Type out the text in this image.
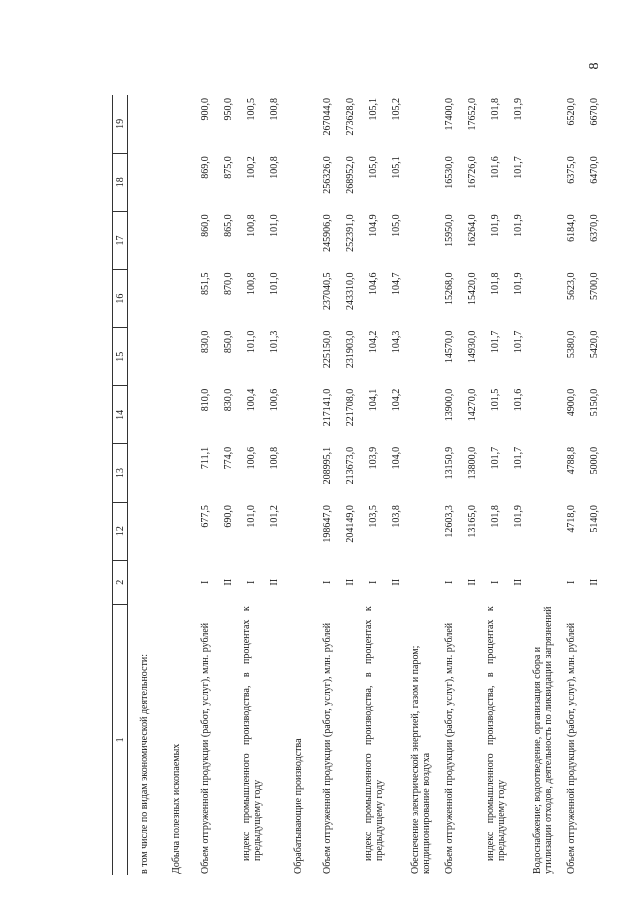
8
1	2	12	13	14	15	16	17	18	19
в том числе по видам экономической деятельности:									
Добыча полезных ископаемых									
Объем отгруженной продукции (работ, услуг), млн. рублей	I	677,5	711,1	810,0	830,0	851,5	860,0	869,0	900,0
	II	690,0	774,0	830,0	850,0	870,0	865,0	875,0	950,0
индекс промышленного производства, в процентах к предыдущему году	I	101,0	100,6	100,4	101,0	100,8	100,8	100,2	100,5
	II	101,2	100,8	100,6	101,3	101,0	101,0	100,8	100,8
Обрабатывающие производства									
Объем отгруженной продукции (работ, услуг), млн. рублей	I	198647,0	208995,1	217141,0	225150,0	237040,5	245906,0	256326,0	267044,0
	II	204149,0	213673,0	221708,0	231903,0	243310,0	252391,0	268952,0	273628,0
индекс промышленного производства, в процентах к предыдущему году	I	103,5	103,9	104,1	104,2	104,6	104,9	105,0	105,1
	II	103,8	104,0	104,2	104,3	104,7	105,0	105,1	105,2
Обеспечение электрической энергией, газом и паром; кондиционирование воздуха									
Объем отгруженной продукции (работ, услуг), млн. рублей	I	12603,3	13150,9	13900,0	14570,0	15268,0	15950,0	16530,0	17400,0
	II	13165,0	13800,0	14270,0	14930,0	15420,0	16264,0	16726,0	17652,0
индекс промышленного производства, в процентах к предыдущему году	I	101,8	101,7	101,5	101,7	101,8	101,9	101,6	101,8
	II	101,9	101,7	101,6	101,7	101,9	101,9	101,7	101,9
Водоснабжение; водоотведение, организация сбора и утилизации отходов, деятельность по ликвидации загрязнений									
Объем отгруженной продукции (работ, услуг), млн. рублей	I	4718,0	4788,8	4900,0	5380,0	5623,0	6184,0	6375,0	6520,0
	II	5140,0	5000,0	5150,0	5420,0	5700,0	6370,0	6470,0	6670,0
